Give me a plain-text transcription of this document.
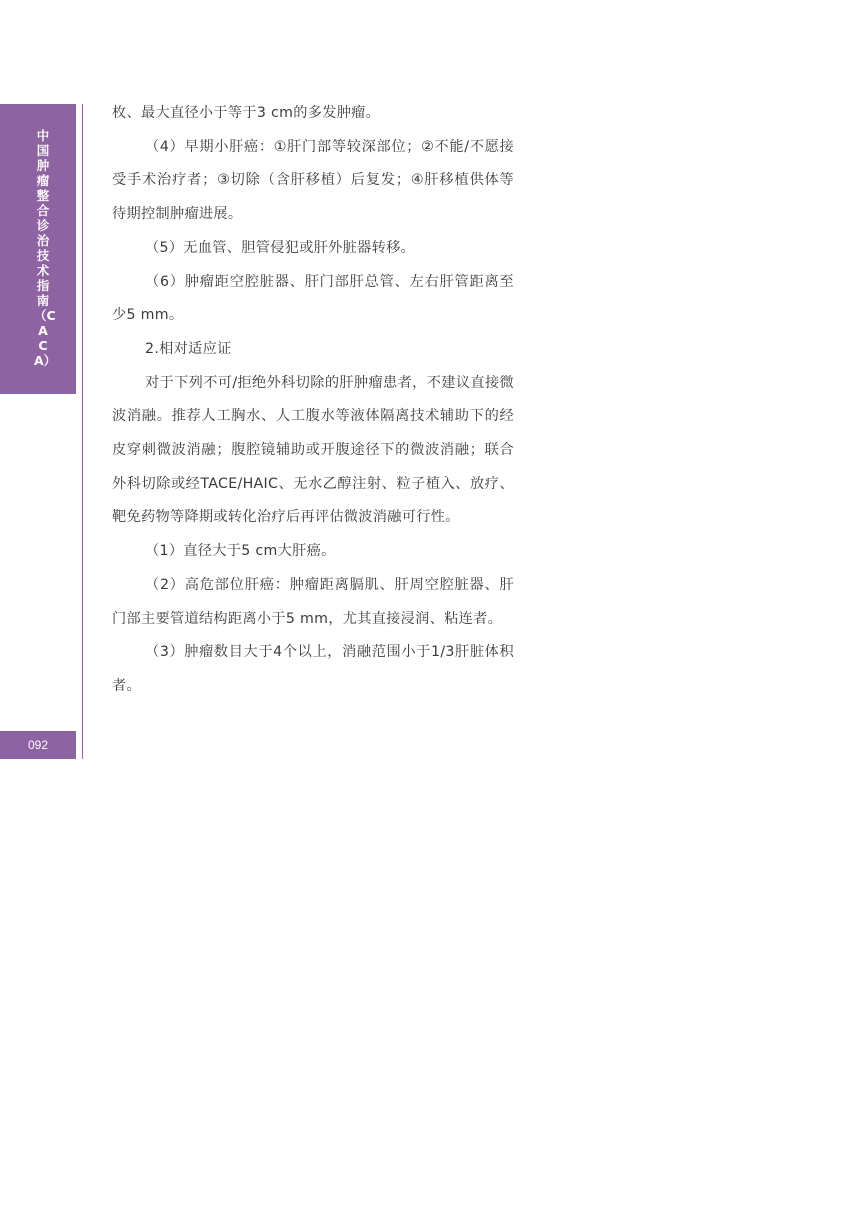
中国肿瘤整合诊治技术指南（CACA）
092

枚、最大直径小于等于3 cm的多发肿瘤。

（4）早期小肝癌：①肝门部等较深部位；②不能/不愿接受手术治疗者；③切除（含肝移植）后复发；④肝移植供体等待期控制肿瘤进展。

（5）无血管、胆管侵犯或肝外脏器转移。

（6）肿瘤距空腔脏器、肝门部肝总管、左右肝管距离至少5 mm。

2.相对适应证

对于下列不可/拒绝外科切除的肝肿瘤患者，不建议直接微波消融。推荐人工胸水、人工腹水等液体隔离技术辅助下的经皮穿刺微波消融；腹腔镜辅助或开腹途径下的微波消融；联合外科切除或经TACE/HAIC、无水乙醇注射、粒子植入、放疗、靶免药物等降期或转化治疗后再评估微波消融可行性。

（1）直径大于5 cm大肝癌。

（2）高危部位肝癌：肿瘤距离膈肌、肝周空腔脏器、肝门部主要管道结构距离小于5 mm，尤其直接浸润、粘连者。

（3）肿瘤数目大于4个以上，消融范围小于1/3肝脏体积者。
